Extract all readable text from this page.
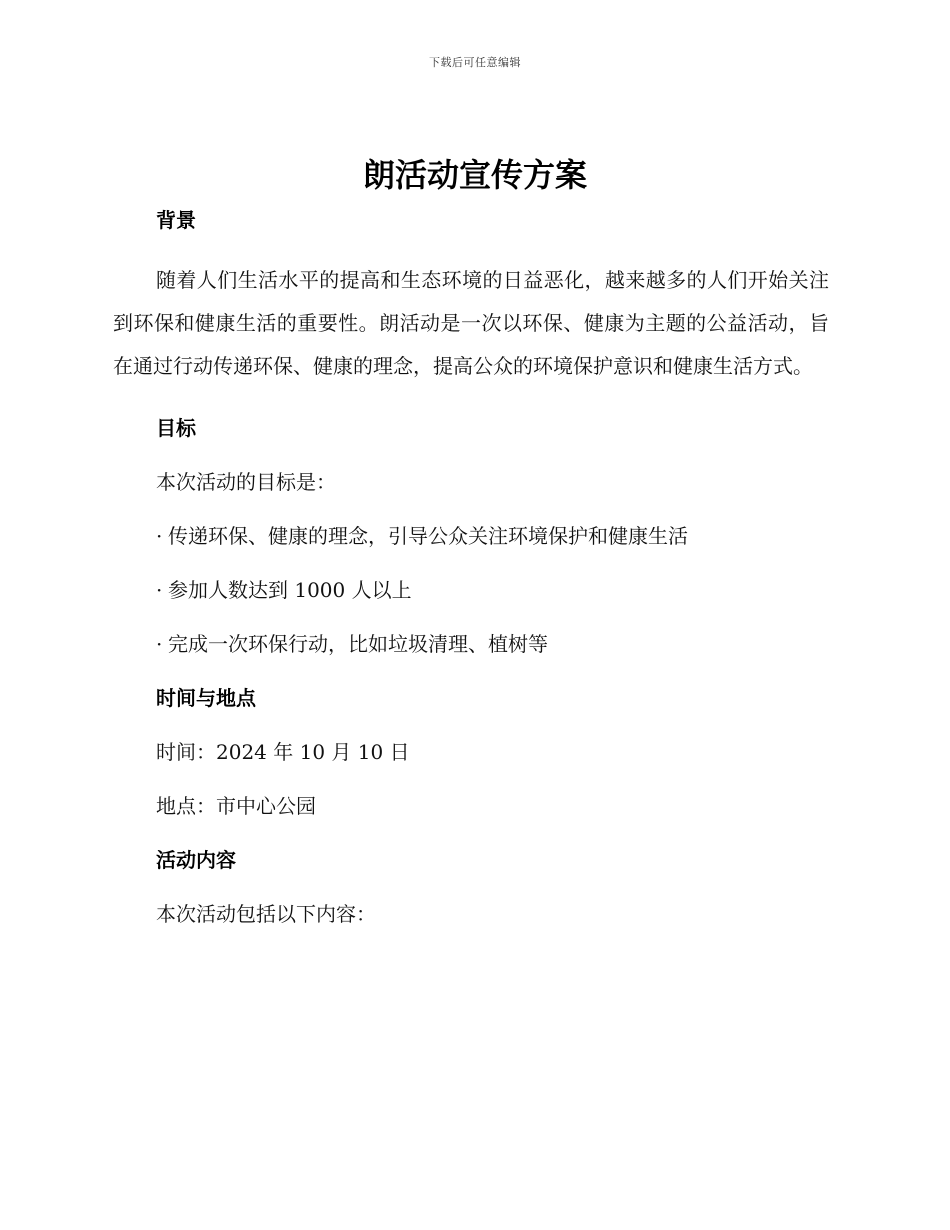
下载后可任意编辑
朗活动宣传方案
背景

随着人们生活水平的提高和生态环境的日益恶化，越来越多的人们开始关注到环保和健康生活的重要性。朗活动是一次以环保、健康为主题的公益活动，旨在通过行动传递环保、健康的理念，提高公众的环境保护意识和健康生活方式。

目标

本次活动的目标是：

· 传递环保、健康的理念，引导公众关注环境保护和健康生活

· 参加人数达到 1000 人以上

· 完成一次环保行动，比如垃圾清理、植树等

时间与地点

时间：2024 年 10 月 10 日

地点：市中心公园

活动内容

本次活动包括以下内容：
